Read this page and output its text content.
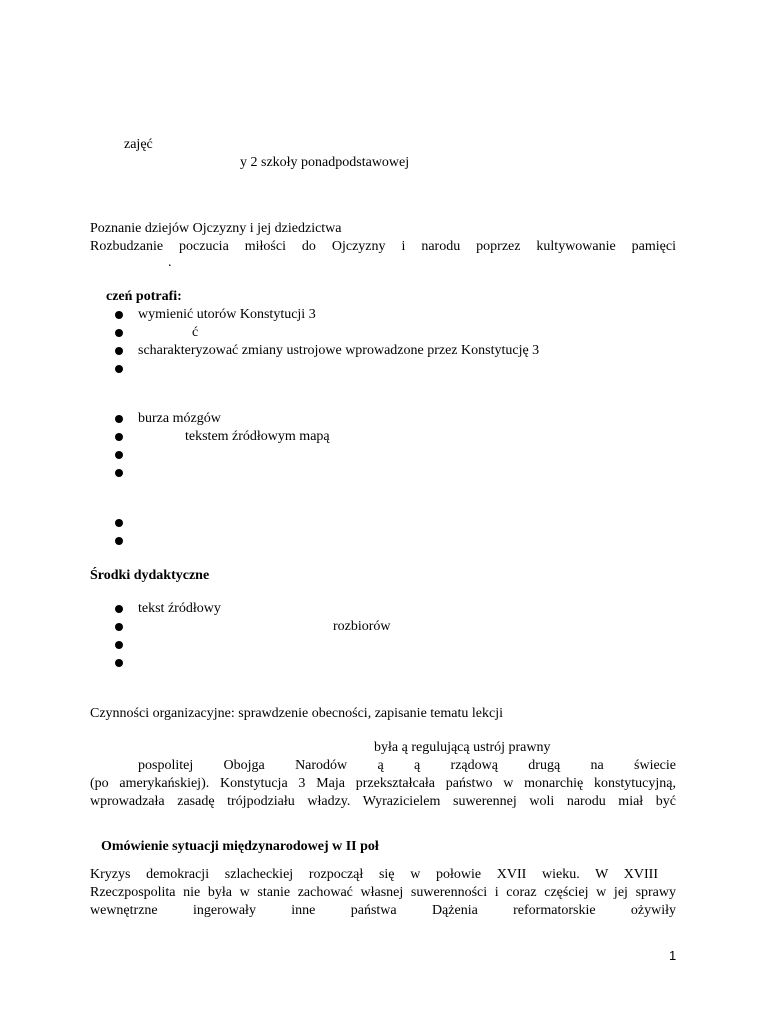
zajęć
y 2 szkoły ponadpodstawowej
Poznanie dziejów Ojczyzny i jej dziedzictwa
Rozbudzanie poczucia miłości do Ojczyzny i narodu poprzez kultywowanie pamięci
.
czeń potrafi:
wymienić utorów Konstytucji 3
ć
scharakteryzować zmiany ustrojowe wprowadzone przez Konstytucję 3
burza mózgów
tekstem źródłowym mapą
Środki dydaktyczne
tekst źródłowy
rozbiorów
Czynności organizacyjne: sprawdzenie obecności, zapisanie tematu lekcji
była ą regulującą ustrój prawny
pospolitej Obojga Narodów ą ą rządową drugą na świecie
(po amerykańskiej). Konstytucja 3 Maja przekształcała państwo w monarchię konstytucyjną,
wprowadzała zasadę trójpodziału władzy. Wyrazicielem suwerennej woli narodu miał być
Omówienie sytuacji międzynarodowej w II poł
Kryzys demokracji szlacheckiej rozpoczął się w połowie XVII wieku. W XVIII
Rzeczpospolita nie była w stanie zachować własnej suwerenności i coraz częściej w jej sprawy
wewnętrzne ingerowały inne państwa Dążenia reformatorskie ożywiły
1
